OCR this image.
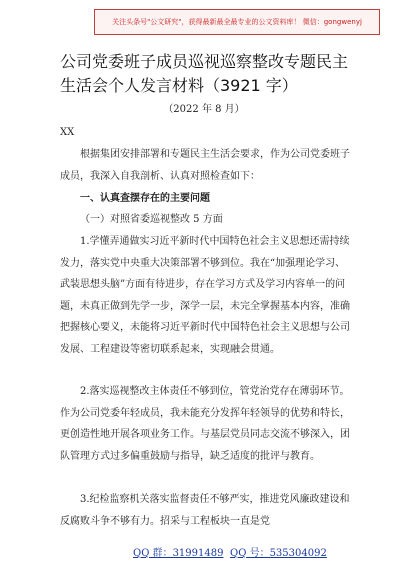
关注头条号"公文研究"，获得最新最全最专业的公文资料库！ 微信：gongwenyj
公司党委班子成员巡视巡察整改专题民主生活会个人发言材料（3921 字）
（2022 年 8 月）

XX

根据集团安排部署和专题民主生活会要求，作为公司党委班子成员，我深入自我剖析、认真对照检查如下：

一、认真查摆存在的主要问题

（一）对照省委巡视整改 5 方面

1.学懂弄通做实习近平新时代中国特色社会主义思想还需持续发力，落实党中央重大决策部署不够到位。我在“加强理论学习、武装思想头脑”方面有待进步，存在学习方式及学习内容单一的问题，未真正做到先学一步，深学一层，未完全掌握基本内容，准确把握核心要义，未能将习近平新时代中国特色社会主义思想与公司发展、工程建设等密切联系起来，实现融会贯通。

2.落实巡视整改主体责任不够到位，管党治党存在薄弱环节。作为公司党委年轻成员，我未能充分发挥年轻领导的优势和特长，更创造性地开展各项业务工作。与基层党员同志交流不够深入，团队管理方式过多偏重鼓励与指导，缺乏适度的批评与教育。

3.纪检监察机关落实监督责任不够严实，推进党风廉政建设和反腐败斗争不够有力。招采与工程板块一直是党

QQ 群：31991489 QQ 号：535304092
